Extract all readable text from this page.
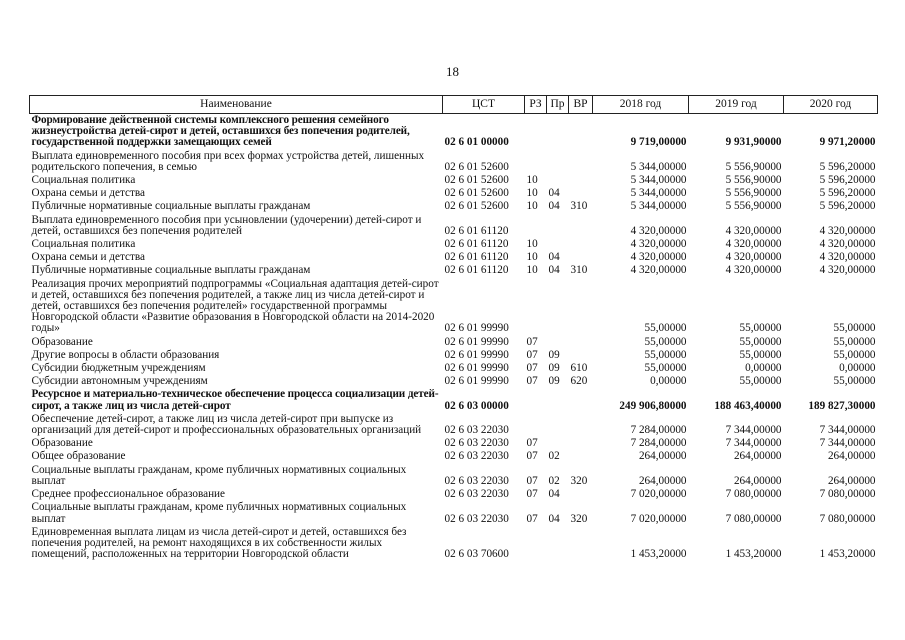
18
Наименование	ЦСТ	РЗ	Пр	ВР	2018 год	2019 год	2020 год
Формирование действенной системы комплексного решения семейного жизнеустройства детей-сирот и детей, оставшихся без попечения родителей, государственной поддержки замещающих семей	02 6 01 00000				9 719,00000	9 931,90000	9 971,20000
Выплата единовременного пособия при всех формах устройства детей, лишенных родительского попечения, в семью	02 6 01 52600				5 344,00000	5 556,90000	5 596,20000
Социальная политика	02 6 01 52600	10			5 344,00000	5 556,90000	5 596,20000
Охрана семьи и детства	02 6 01 52600	10	04		5 344,00000	5 556,90000	5 596,20000
Публичные нормативные социальные выплаты гражданам	02 6 01 52600	10	04	310	5 344,00000	5 556,90000	5 596,20000
Выплата единовременного пособия при усыновлении (удочерении) детей-сирот и детей, оставшихся без попечения родителей	02 6 01 61120				4 320,00000	4 320,00000	4 320,00000
Социальная политика	02 6 01 61120	10			4 320,00000	4 320,00000	4 320,00000
Охрана семьи и детства	02 6 01 61120	10	04		4 320,00000	4 320,00000	4 320,00000
Публичные нормативные социальные выплаты гражданам	02 6 01 61120	10	04	310	4 320,00000	4 320,00000	4 320,00000
Реализация прочих мероприятий подпрограммы «Социальная адаптация детей-сирот и детей, оставшихся без попечения родителей, а также лиц из числа детей-сирот и детей, оставшихся без попечения родителей» государственной программы Новгородской области «Развитие образования в Новгородской области на 2014-2020 годы»	02 6 01 99990				55,00000	55,00000	55,00000
Образование	02 6 01 99990	07			55,00000	55,00000	55,00000
Другие вопросы в области образования	02 6 01 99990	07	09		55,00000	55,00000	55,00000
Субсидии бюджетным учреждениям	02 6 01 99990	07	09	610	55,00000	0,00000	0,00000
Субсидии автономным учреждениям	02 6 01 99990	07	09	620	0,00000	55,00000	55,00000
Ресурсное и материально-техническое обеспечение процесса социализации детей-сирот, а также лиц из числа детей-сирот	02 6 03 00000				249 906,80000	188 463,40000	189 827,30000
Обеспечение детей-сирот, а также лиц из числа детей-сирот при выпуске из организаций для детей-сирот и профессиональных образовательных организаций	02 6 03 22030				7 284,00000	7 344,00000	7 344,00000
Образование	02 6 03 22030	07			7 284,00000	7 344,00000	7 344,00000
Общее образование	02 6 03 22030	07	02		264,00000	264,00000	264,00000
Социальные выплаты гражданам, кроме публичных нормативных социальных выплат	02 6 03 22030	07	02	320	264,00000	264,00000	264,00000
Среднее профессиональное образование	02 6 03 22030	07	04		7 020,00000	7 080,00000	7 080,00000
Социальные выплаты гражданам, кроме публичных нормативных социальных выплат	02 6 03 22030	07	04	320	7 020,00000	7 080,00000	7 080,00000
Единовременная выплата лицам из числа детей-сирот и детей, оставшихся без попечения родителей, на ремонт находящихся в их собственности жилых помещений, расположенных на территории Новгородской области	02 6 03 70600				1 453,20000	1 453,20000	1 453,20000
